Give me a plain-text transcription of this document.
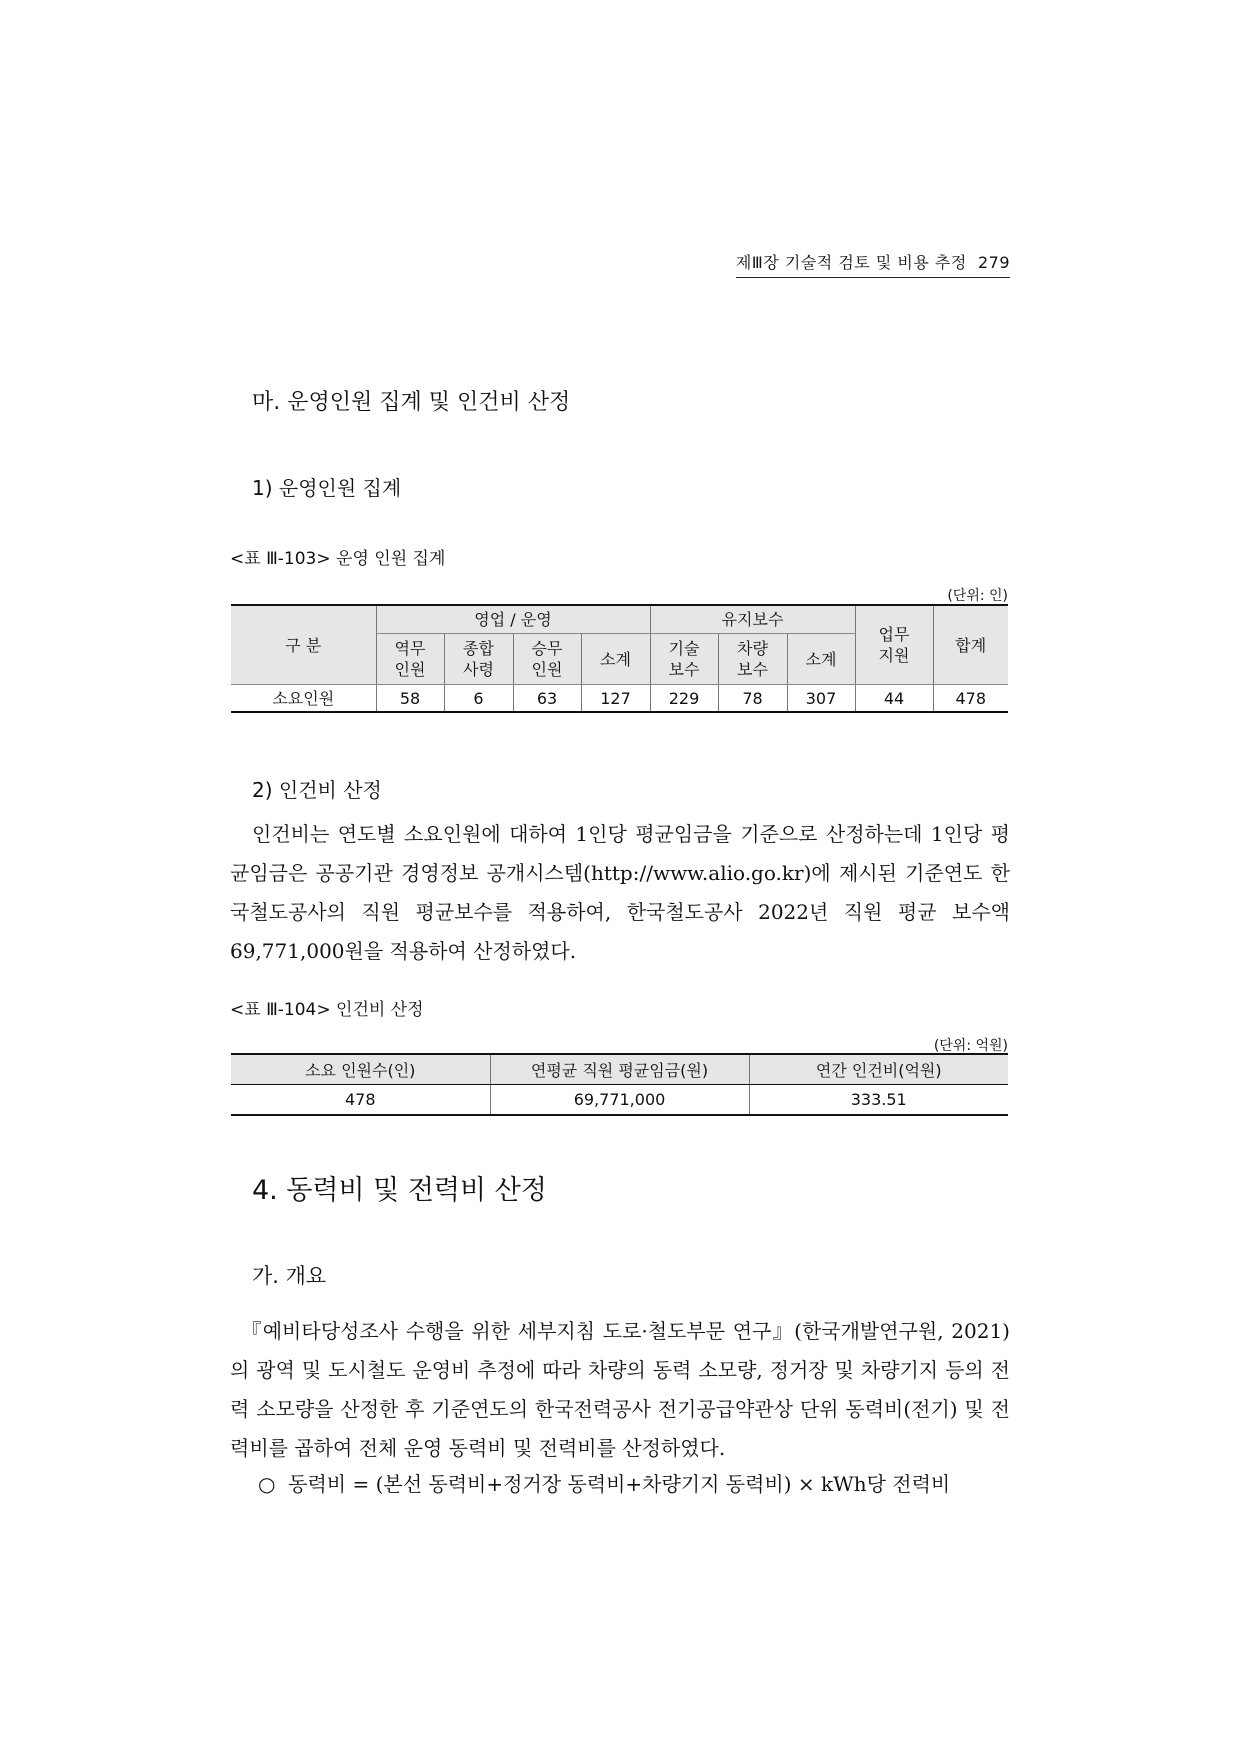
제Ⅲ장 기술적 검토 및 비용 추정 279
마. 운영인원 집계 및 인건비 산정
1) 운영인원 집계
<표 Ⅲ-103> 운영 인원 집계
(단위: 인)
구 분	영업 / 운영				유지보수			업무 지원	합계
	역무 인원	종합 사령	승무 인원	소계	기술 보수	차량 보수	소계		
소요인원	58	6	63	127	229	78	307	44	478
2) 인건비 산정
인건비는 연도별 소요인원에 대하여 1인당 평균임금을 기준으로 산정하는데 1인당 평균임금은 공공기관 경영정보 공개시스템(http://www.alio.go.kr)에 제시된 기준연도 한국철도공사의 직원 평균보수를 적용하여, 한국철도공사 2022년 직원 평균 보수액 69,771,000원을 적용하여 산정하였다.
<표 Ⅲ-104> 인건비 산정
(단위: 억원)
소요 인원수(인)	연평균 직원 평균임금(원)	연간 인건비(억원)
478	69,771,000	333.51
4. 동력비 및 전력비 산정
가. 개요
『예비타당성조사 수행을 위한 세부지침 도로·철도부문 연구』(한국개발연구원, 2021)의 광역 및 도시철도 운영비 추정에 따라 차량의 동력 소모량, 정거장 및 차량기지 등의 전력 소모량을 산정한 후 기준연도의 한국전력공사 전기공급약관상 단위 동력비(전기) 및 전력비를 곱하여 전체 운영 동력비 및 전력비를 산정하였다.
○ 동력비 = (본선 동력비+정거장 동력비+차량기지 동력비) × kWh당 전력비
